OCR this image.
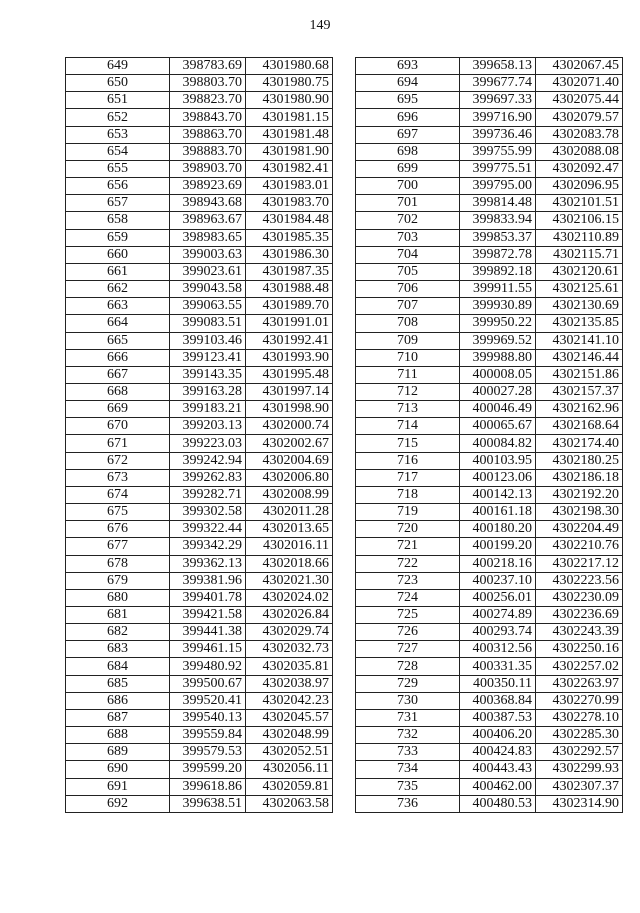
149
649	398783.69	4301980.68
650	398803.70	4301980.75
651	398823.70	4301980.90
652	398843.70	4301981.15
653	398863.70	4301981.48
654	398883.70	4301981.90
655	398903.70	4301982.41
656	398923.69	4301983.01
657	398943.68	4301983.70
658	398963.67	4301984.48
659	398983.65	4301985.35
660	399003.63	4301986.30
661	399023.61	4301987.35
662	399043.58	4301988.48
663	399063.55	4301989.70
664	399083.51	4301991.01
665	399103.46	4301992.41
666	399123.41	4301993.90
667	399143.35	4301995.48
668	399163.28	4301997.14
669	399183.21	4301998.90
670	399203.13	4302000.74
671	399223.03	4302002.67
672	399242.94	4302004.69
673	399262.83	4302006.80
674	399282.71	4302008.99
675	399302.58	4302011.28
676	399322.44	4302013.65
677	399342.29	4302016.11
678	399362.13	4302018.66
679	399381.96	4302021.30
680	399401.78	4302024.02
681	399421.58	4302026.84
682	399441.38	4302029.74
683	399461.15	4302032.73
684	399480.92	4302035.81
685	399500.67	4302038.97
686	399520.41	4302042.23
687	399540.13	4302045.57
688	399559.84	4302048.99
689	399579.53	4302052.51
690	399599.20	4302056.11
691	399618.86	4302059.81
692	399638.51	4302063.58
693	399658.13	4302067.45
694	399677.74	4302071.40
695	399697.33	4302075.44
696	399716.90	4302079.57
697	399736.46	4302083.78
698	399755.99	4302088.08
699	399775.51	4302092.47
700	399795.00	4302096.95
701	399814.48	4302101.51
702	399833.94	4302106.15
703	399853.37	4302110.89
704	399872.78	4302115.71
705	399892.18	4302120.61
706	399911.55	4302125.61
707	399930.89	4302130.69
708	399950.22	4302135.85
709	399969.52	4302141.10
710	399988.80	4302146.44
711	400008.05	4302151.86
712	400027.28	4302157.37
713	400046.49	4302162.96
714	400065.67	4302168.64
715	400084.82	4302174.40
716	400103.95	4302180.25
717	400123.06	4302186.18
718	400142.13	4302192.20
719	400161.18	4302198.30
720	400180.20	4302204.49
721	400199.20	4302210.76
722	400218.16	4302217.12
723	400237.10	4302223.56
724	400256.01	4302230.09
725	400274.89	4302236.69
726	400293.74	4302243.39
727	400312.56	4302250.16
728	400331.35	4302257.02
729	400350.11	4302263.97
730	400368.84	4302270.99
731	400387.53	4302278.10
732	400406.20	4302285.30
733	400424.83	4302292.57
734	400443.43	4302299.93
735	400462.00	4302307.37
736	400480.53	4302314.90
